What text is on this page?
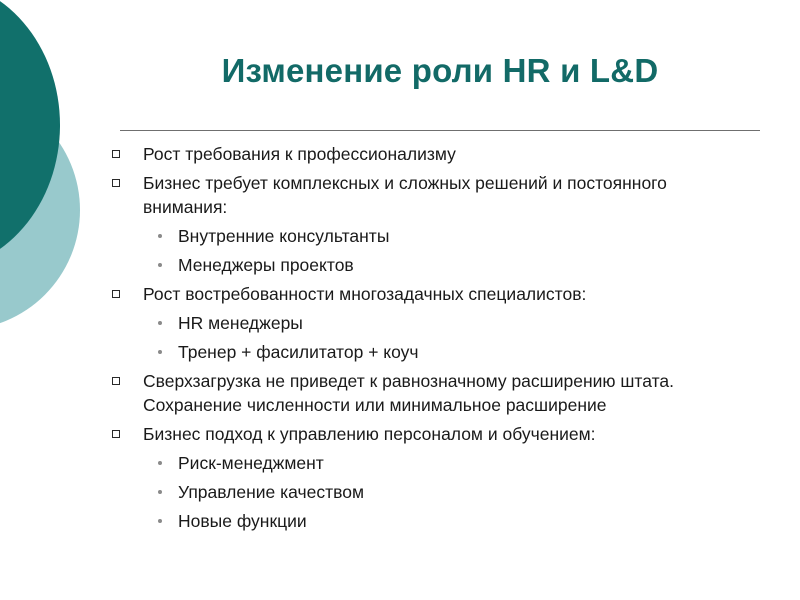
Изменение роли HR и L&D
Рост требования к профессионализму
Бизнес требует комплексных и сложных решений и постоянного внимания:
Внутренние консультанты
Менеджеры проектов
Рост востребованности многозадачных специалистов:
HR менеджеры
Тренер + фасилитатор + коуч
Сверхзагрузка не приведет к равнозначному расширению штата. Сохранение численности или минимальное расширение
Бизнес подход к управлению персоналом и обучением:
Риск-менеджмент
Управление качеством
Новые функции
